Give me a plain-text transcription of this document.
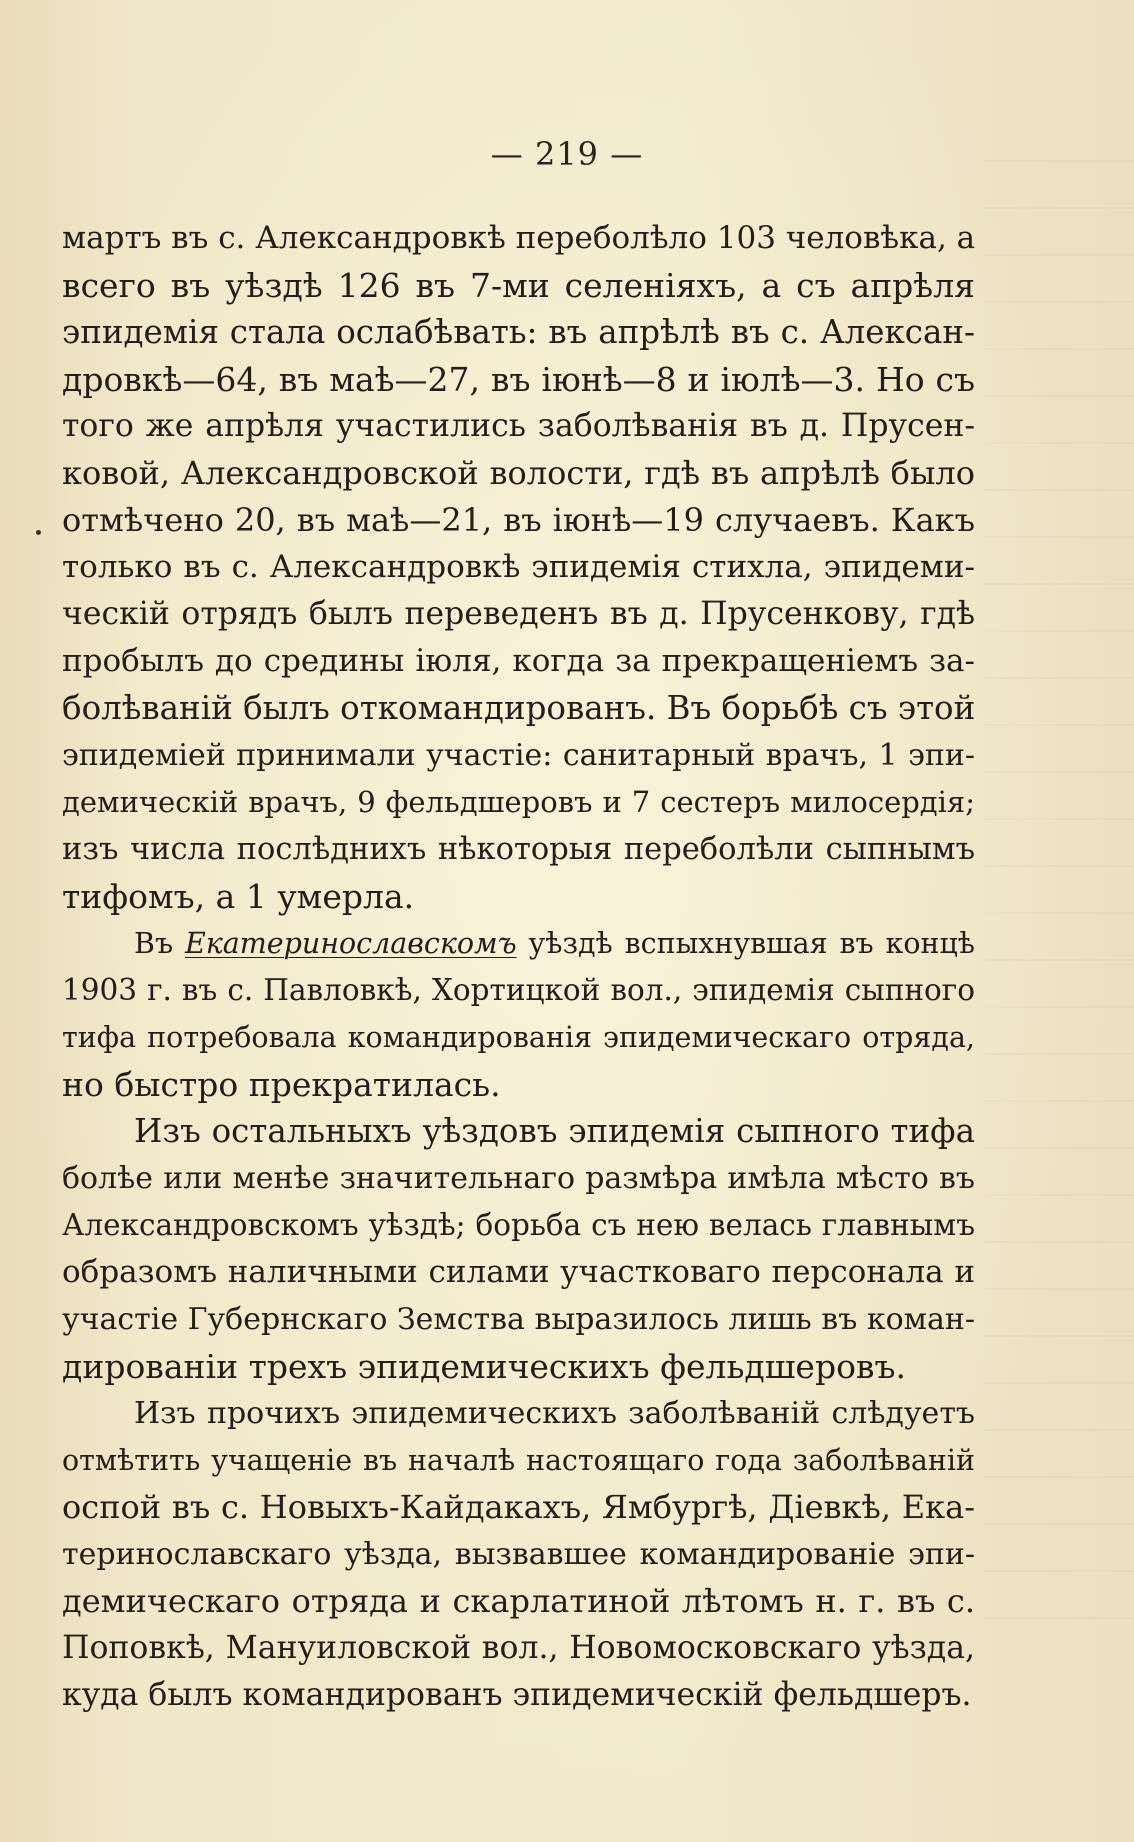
— 219 —
мартъ въ с. Александровкѣ переболѣло 103 человѣка, а
всего въ уѣздѣ 126 въ 7-ми селеніяхъ, а съ апрѣля
эпидемія стала ослабѣвать: въ апрѣлѣ въ с. Алексан-
дровкѣ—64, въ маѣ—27, въ іюнѣ—8 и іюлѣ—3. Но съ
того же апрѣля участились заболѣванія въ д. Прусен-
ковой, Александровской волости, гдѣ въ апрѣлѣ было
отмѣчено 20, въ маѣ—21, въ іюнѣ—19 случаевъ. Какъ
только въ с. Александровкѣ эпидемія стихла, эпидеми-
ческій отрядъ былъ переведенъ въ д. Прусенкову, гдѣ
пробылъ до средины іюля, когда за прекращеніемъ за-
болѣваній былъ откомандированъ. Въ борьбѣ съ этой
эпидеміей принимали участіе: санитарный врачъ, 1 эпи-
демическій врачъ, 9 фельдшеровъ и 7 сестеръ милосердія;
изъ числа послѣднихъ нѣкоторыя переболѣли сыпнымъ
тифомъ, а 1 умерла.
Въ Екатеринославскомъ уѣздѣ вспыхнувшая въ концѣ
1903 г. въ с. Павловкѣ, Хортицкой вол., эпидемія сыпного
тифа потребовала командированія эпидемическаго отряда,
но быстро прекратилась.
Изъ остальныхъ уѣздовъ эпидемія сыпного тифа
болѣе или менѣе значительнаго размѣра имѣла мѣсто въ
Александровскомъ уѣздѣ; борьба съ нею велась главнымъ
образомъ наличными силами участковаго персонала и
участіе Губернскаго Земства выразилось лишь въ коман-
дированіи трехъ эпидемическихъ фельдшеровъ.
Изъ прочихъ эпидемическихъ заболѣваній слѣдуетъ
отмѣтить учащеніе въ началѣ настоящаго года заболѣваній
оспой въ с. Новыхъ-Кайдакахъ, Ямбургѣ, Діевкѣ, Ека-
теринославскаго уѣзда, вызвавшее командированіе эпи-
демическаго отряда и скарлатиной лѣтомъ н. г. въ с.
Поповкѣ, Мануиловской вол., Новомосковскаго уѣзда,
куда былъ командированъ эпидемическій фельдшеръ.
